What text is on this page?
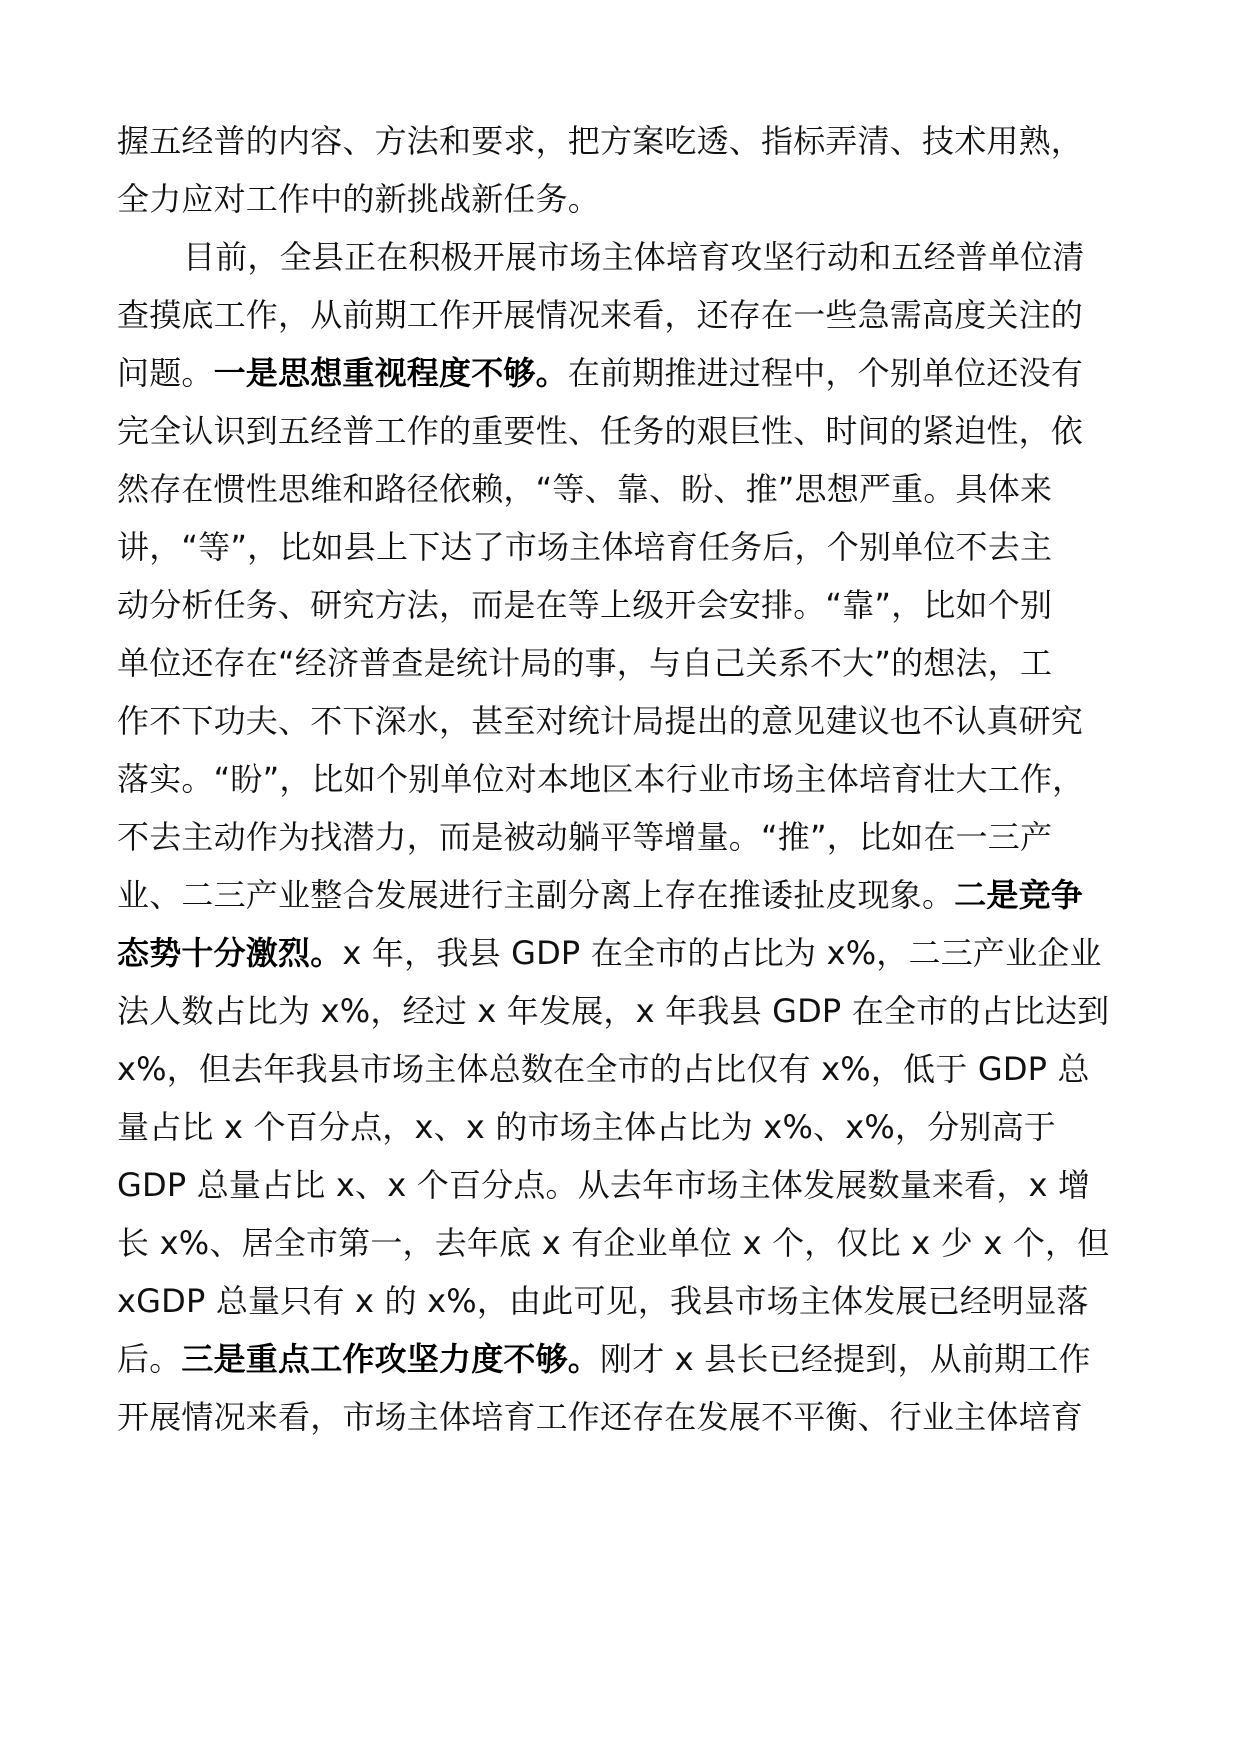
握五经普的内容、方法和要求，把方案吃透、指标弄清、技术用熟，
全力应对工作中的新挑战新任务。
目前，全县正在积极开展市场主体培育攻坚行动和五经普单位清
查摸底工作，从前期工作开展情况来看，还存在一些急需高度关注的
问题。一是思想重视程度不够。在前期推进过程中，个别单位还没有
完全认识到五经普工作的重要性、任务的艰巨性、时间的紧迫性，依
然存在惯性思维和路径依赖，“等、靠、盼、推”思想严重。具体来
讲，“等”，比如县上下达了市场主体培育任务后，个别单位不去主
动分析任务、研究方法，而是在等上级开会安排。“靠”，比如个别
单位还存在“经济普查是统计局的事，与自己关系不大”的想法，工
作不下功夫、不下深水，甚至对统计局提出的意见建议也不认真研究
落实。“盼”，比如个别单位对本地区本行业市场主体培育壮大工作，
不去主动作为找潜力，而是被动躺平等增量。“推”，比如在一三产
业、二三产业整合发展进行主副分离上存在推诿扯皮现象。二是竞争
态势十分激烈。x 年，我县 GDP 在全市的占比为 x%，二三产业企业
法人数占比为 x%，经过 x 年发展，x 年我县 GDP 在全市的占比达到
x%，但去年我县市场主体总数在全市的占比仅有 x%，低于 GDP 总
量占比 x 个百分点，x、x 的市场主体占比为 x%、x%，分别高于
GDP 总量占比 x、x 个百分点。从去年市场主体发展数量来看，x 增
长 x%、居全市第一，去年底 x 有企业单位 x 个，仅比 x 少 x 个，但
xGDP 总量只有 x 的 x%，由此可见，我县市场主体发展已经明显落
后。三是重点工作攻坚力度不够。刚才 x 县长已经提到，从前期工作
开展情况来看，市场主体培育工作还存在发展不平衡、行业主体培育
